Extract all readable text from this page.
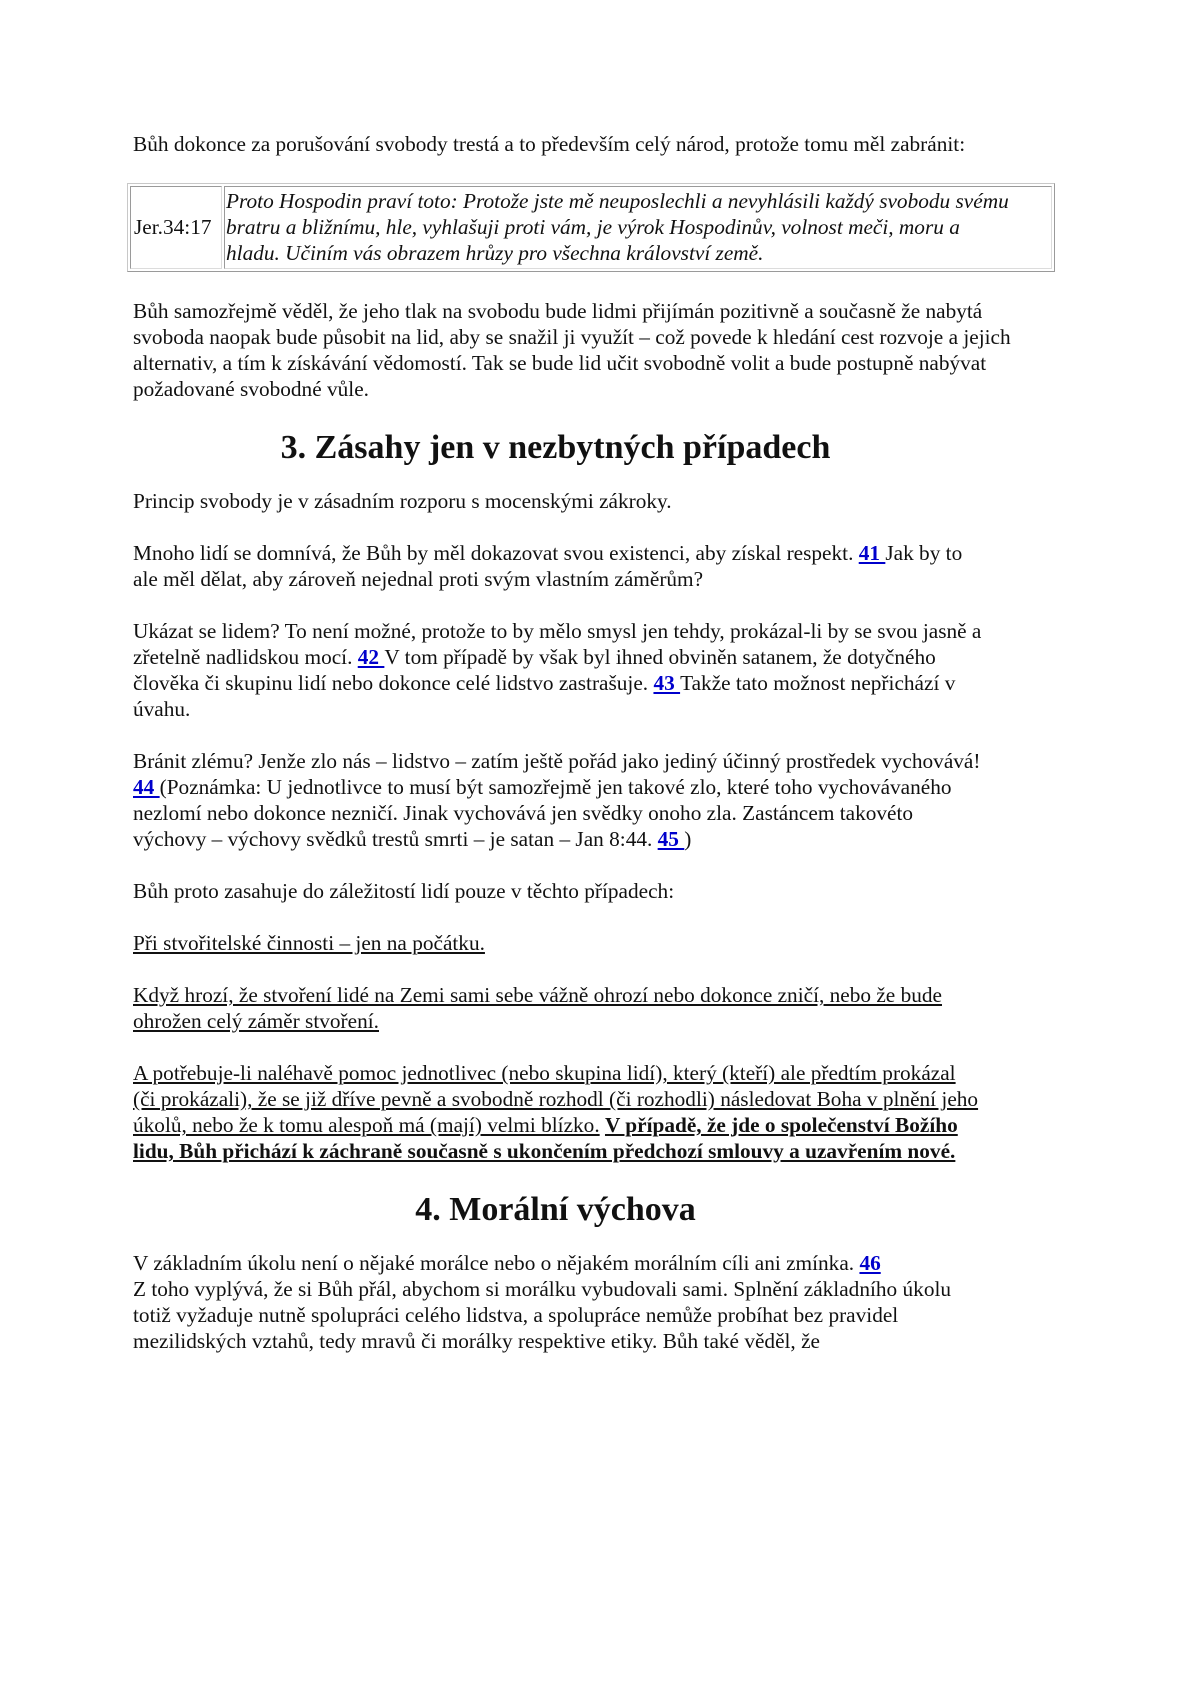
Bůh dokonce za porušování svobody trestá a to především celý národ, protože tomu měl zabránit:

Jer.34:17	Proto Hospodin praví toto: Protože jste mě neuposlechli a nevyhlásili každý svobodu svému bratru a bližnímu, hle, vyhlašuji proti vám, je výrok Hospodinův, volnost meči, moru a hladu. Učiním vás obrazem hrůzy pro všechna království země.

Bůh samozřejmě věděl, že jeho tlak na svobodu bude lidmi přijímán pozitivně a současně že nabytá svoboda naopak bude působit na lid, aby se snažil ji využít – což povede k hledání cest rozvoje a jejich alternativ, a tím k získávání vědomostí. Tak se bude lid učit svobodně volit a bude postupně nabývat požadované svobodné vůle.

3. Zásahy jen v nezbytných případech

Princip svobody je v zásadním rozporu s mocenskými zákroky.

Mnoho lidí se domnívá, že Bůh by měl dokazovat svou existenci, aby získal respekt. 41 Jak by to ale měl dělat, aby zároveň nejednal proti svým vlastním záměrům?

Ukázat se lidem? To není možné, protože to by mělo smysl jen tehdy, prokázal-li by se svou jasně a zřetelně nadlidskou mocí. 42 V tom případě by však byl ihned obviněn satanem, že dotyčného člověka či skupinu lidí nebo dokonce celé lidstvo zastrašuje. 43 Takže tato možnost nepřichází v úvahu.

Bránit zlému? Jenže zlo nás – lidstvo – zatím ještě pořád jako jediný účinný prostředek vychovává! 44 (Poznámka: U jednotlivce to musí být samozřejmě jen takové zlo, které toho vychovávaného nezlomí nebo dokonce nezničí. Jinak vychovává jen svědky onoho zla. Zastáncem takovéto výchovy – výchovy svědků trestů smrti – je satan – Jan 8:44. 45 )

Bůh proto zasahuje do záležitostí lidí pouze v těchto případech:

Při stvořitelské činnosti – jen na počátku.

Když hrozí, že stvoření lidé na Zemi sami sebe vážně ohrozí nebo dokonce zničí, nebo že bude ohrožen celý záměr stvoření.

A potřebuje-li naléhavě pomoc jednotlivec (nebo skupina lidí), který (kteří) ale předtím prokázal (či prokázali), že se již dříve pevně a svobodně rozhodl (či rozhodli) následovat Boha v plnění jeho úkolů, nebo že k tomu alespoň má (mají) velmi blízko. V případě, že jde o společenství Božího lidu, Bůh přichází k záchraně současně s ukončením předchozí smlouvy a uzavřením nové.

4. Morální výchova

V základním úkolu není o nějaké morálce nebo o nějakém morálním cíli ani zmínka. 46
Z toho vyplývá, že si Bůh přál, abychom si morálku vybudovali sami. Splnění základního úkolu totiž vyžaduje nutně spolupráci celého lidstva, a spolupráce nemůže probíhat bez pravidel mezilidských vztahů, tedy mravů či morálky respektive etiky. Bůh také věděl, že
